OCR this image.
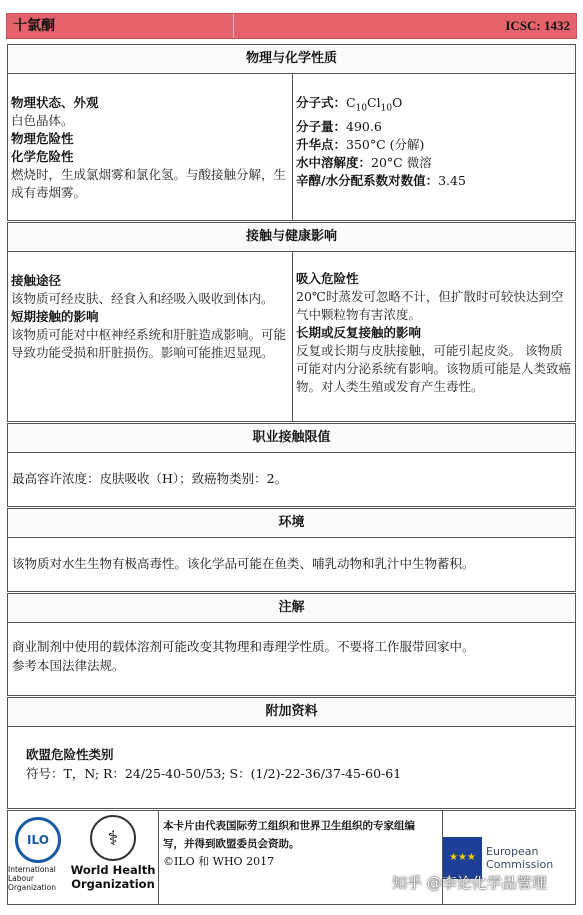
十氯酮	ICSC: 1432
物理与化学性质
物理状态、外观
白色晶体。
物理危险性
化学危险性
燃烧时，生成氯烟雾和氯化氢。与酸接触分解，生成有毒烟雾。
分子式：$C_{10}Cl_{10}O$
分子量：490.6
升华点：350°C (分解)
水中溶解度：20°C 微溶
辛醇/水分配系数对数值：3.45
接触与健康影响
接触途径
该物质可经皮肤、经食入和经吸入吸收到体内。
短期接触的影响
该物质可能对中枢神经系统和肝脏造成影响。可能导致功能受损和肝脏损伤。影响可能推迟显现。
吸入危险性
20℃时蒸发可忽略不计，但扩散时可较快达到空气中颗粒物有害浓度。
长期或反复接触的影响
反复或长期与皮肤接触，可能引起皮炎。 该物质可能对内分泌系统有影响。该物质可能是人类致癌物。对人类生殖或发育产生毒性。
职业接触限值
最高容许浓度：皮肤吸收（H）；致癌物类别：2。
环境
该物质对水生生物有极高毒性。该化学品可能在鱼类、哺乳动物和乳汁中生物蓄积。
注解
商业制剂中使用的载体溶剂可能改变其物理和毒理学性质。不要将工作服带回家中。
参考本国法律法规。
附加资料
欧盟危险性类别
符号：T，N; R：24/25-40-50/53; S：(1/2)-22-36/37-45-60-61
ILO
International Labour Organization
⚕
World Health Organization
本卡片由代表国际劳工组织和世界卫生组织的专家组编
写，并得到欧盟委员会资助。
©ILO 和 WHO 2017	★★★ European Commission
知乎 @李论化学品管理
